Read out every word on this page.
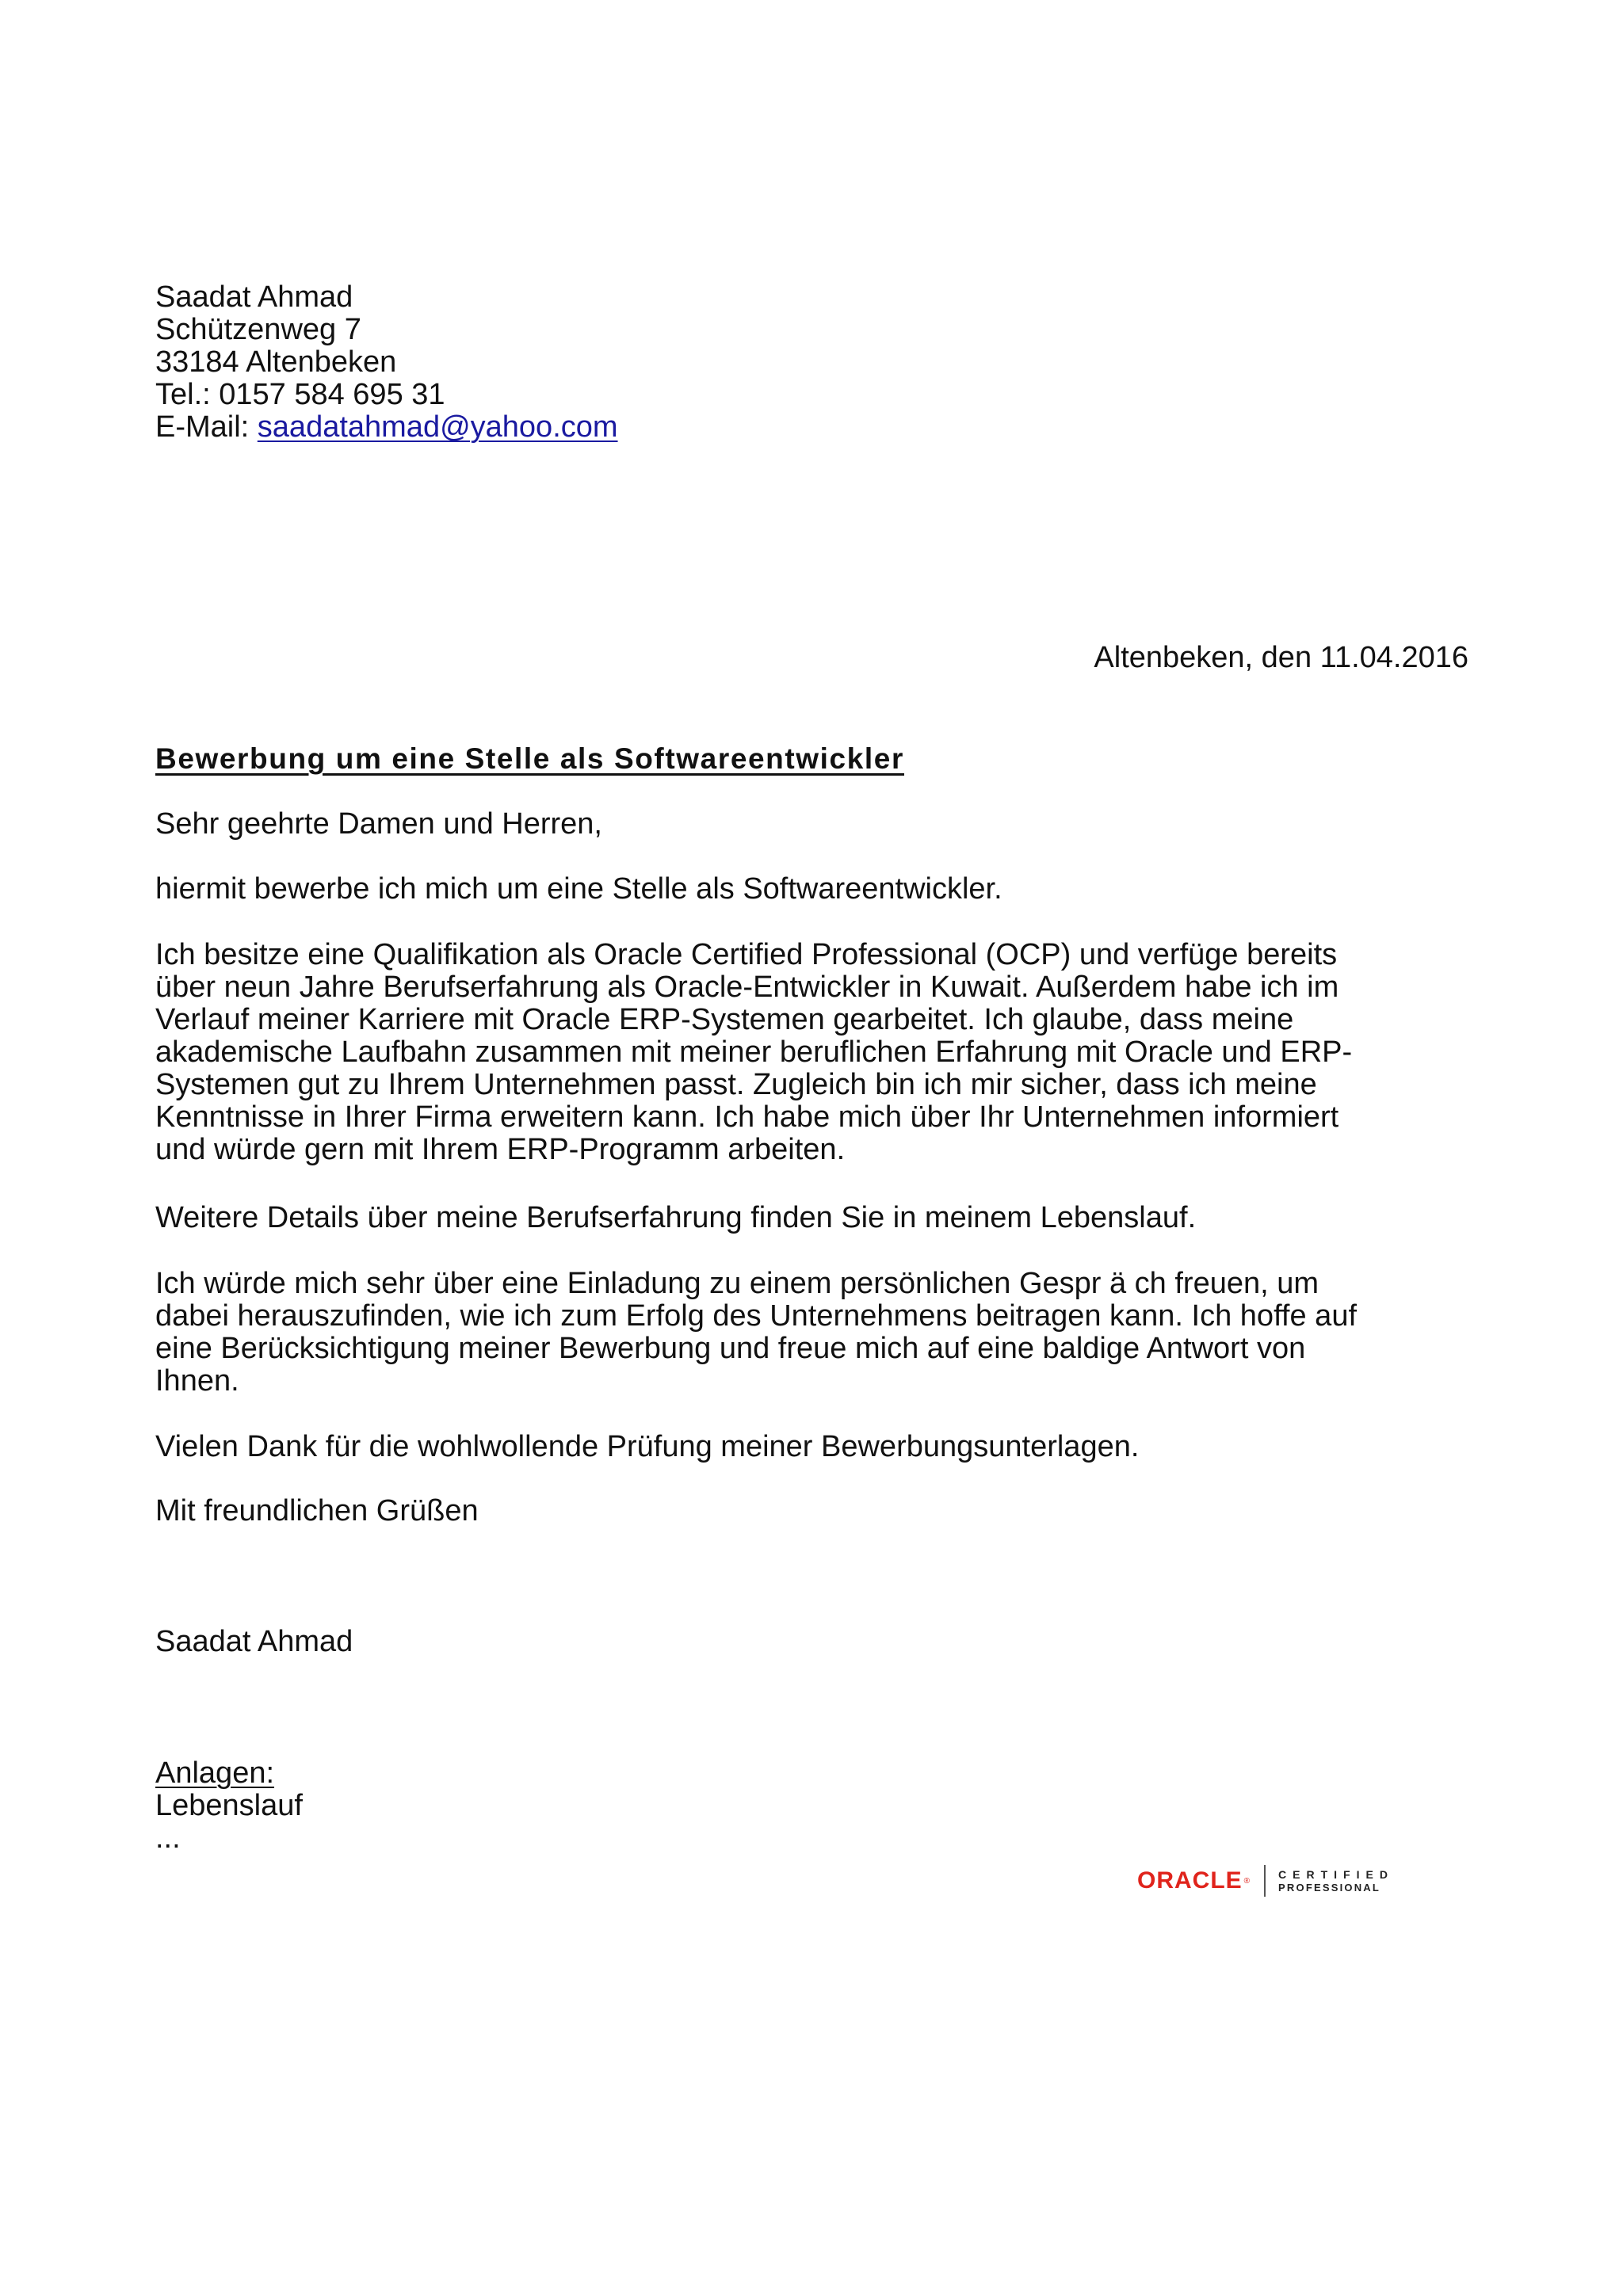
Saadat Ahmad
Schützenweg 7
33184 Altenbeken
Tel.: 0157 584 695 31
E-Mail: saadatahmad@yahoo.com
Altenbeken, den 11.04.2016
Bewerbung um eine Stelle als Softwareentwickler

Sehr geehrte Damen und Herren,

hiermit bewerbe ich mich um eine Stelle als Softwareentwickler.

Ich besitze eine Qualifikation als Oracle Certified Professional (OCP) und verfüge bereits
über neun Jahre Berufserfahrung als Oracle-Entwickler in Kuwait. Außerdem habe ich im
Verlauf meiner Karriere mit Oracle ERP-Systemen gearbeitet. Ich glaube, dass meine
akademische Laufbahn zusammen mit meiner beruflichen Erfahrung mit Oracle und ERP-
Systemen gut zu Ihrem Unternehmen passt. Zugleich bin ich mir sicher, dass ich meine
Kenntnisse in Ihrer Firma erweitern kann. Ich habe mich über Ihr Unternehmen informiert
und würde gern mit Ihrem ERP-Programm arbeiten.

Weitere Details über meine Berufserfahrung finden Sie in meinem Lebenslauf.

Ich würde mich sehr über eine Einladung zu einem persönlichen Gespr ä ch freuen, um
dabei herauszufinden, wie ich zum Erfolg des Unternehmens beitragen kann. Ich hoffe auf
eine Berücksichtigung meiner Bewerbung und freue mich auf eine baldige Antwort von
Ihnen.

Vielen Dank für die wohlwollende Prüfung meiner Bewerbungsunterlagen.

Mit freundlichen Grüßen

Saadat Ahmad

Anlagen:
Lebenslauf
...

ORACLE ®	CERTIFIED
PROFESSIONAL
